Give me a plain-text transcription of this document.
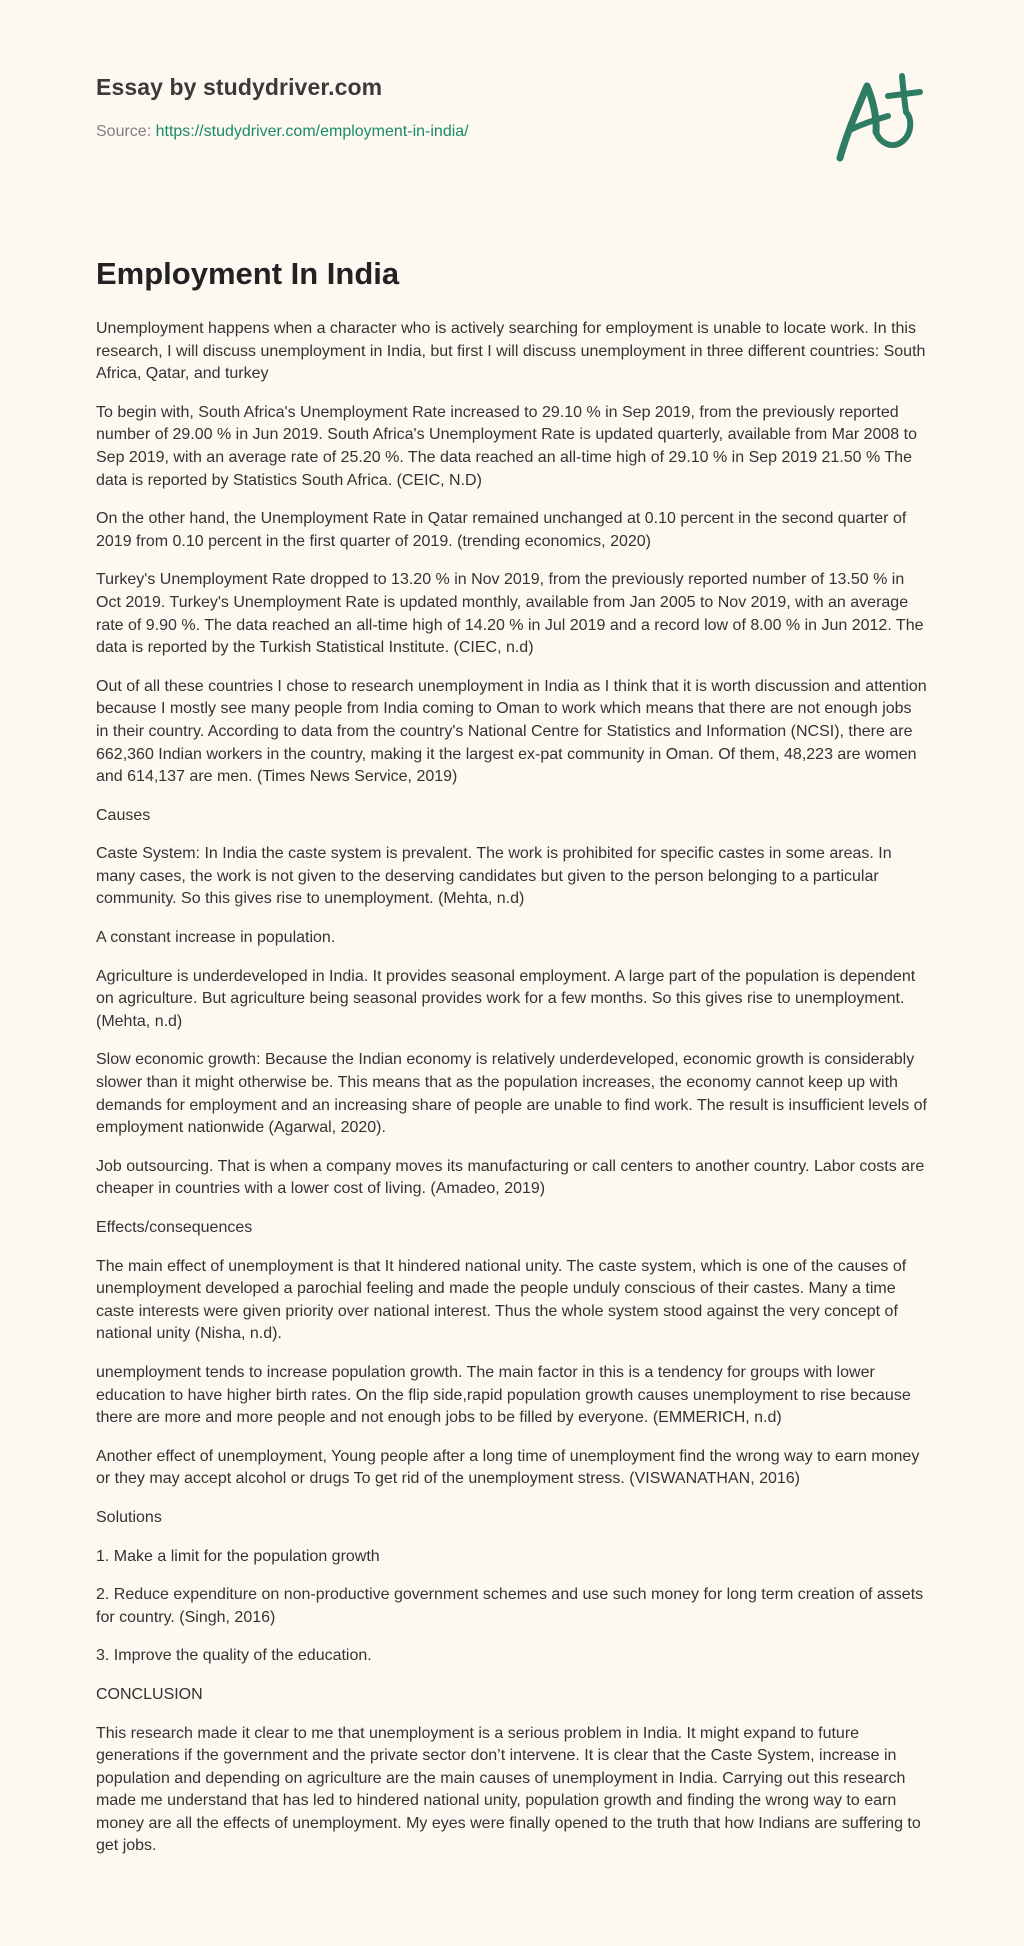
Essay by studydriver.com
Source: https://studydriver.com/employment-in-india/
Employment In India

Unemployment happens when a character who is actively searching for employment is unable to locate work. In this research, I will discuss unemployment in India, but first I will discuss unemployment in three different countries: South Africa, Qatar, and turkey

To begin with, South Africa's Unemployment Rate increased to 29.10 % in Sep 2019, from the previously reported number of 29.00 % in Jun 2019. South Africa's Unemployment Rate is updated quarterly, available from Mar 2008 to Sep 2019, with an average rate of 25.20 %. The data reached an all-time high of 29.10 % in Sep 2019 21.50 % The data is reported by Statistics South Africa. (CEIC, N.D)

On the other hand, the Unemployment Rate in Qatar remained unchanged at 0.10 percent in the second quarter of 2019 from 0.10 percent in the first quarter of 2019. (trending economics, 2020)

Turkey's Unemployment Rate dropped to 13.20 % in Nov 2019, from the previously reported number of 13.50 % in Oct 2019. Turkey's Unemployment Rate is updated monthly, available from Jan 2005 to Nov 2019, with an average rate of 9.90 %. The data reached an all-time high of 14.20 % in Jul 2019 and a record low of 8.00 % in Jun 2012. The data is reported by the Turkish Statistical Institute. (CIEC, n.d)

Out of all these countries I chose to research unemployment in India as I think that it is worth discussion and attention because I mostly see many people from India coming to Oman to work which means that there are not enough jobs in their country. According to data from the country's National Centre for Statistics and Information (NCSI), there are 662,360 Indian workers in the country, making it the largest ex-pat community in Oman. Of them, 48,223 are women and 614,137 are men. (Times News Service, 2019)

Causes

Caste System: In India the caste system is prevalent. The work is prohibited for specific castes in some areas. In many cases, the work is not given to the deserving candidates but given to the person belonging to a particular community. So this gives rise to unemployment. (Mehta, n.d)

A constant increase in population.

Agriculture is underdeveloped in India. It provides seasonal employment. A large part of the population is dependent on agriculture. But agriculture being seasonal provides work for a few months. So this gives rise to unemployment. (Mehta, n.d)

Slow economic growth: Because the Indian economy is relatively underdeveloped, economic growth is considerably slower than it might otherwise be. This means that as the population increases, the economy cannot keep up with demands for employment and an increasing share of people are unable to find work. The result is insufficient levels of employment nationwide (Agarwal, 2020).

Job outsourcing. That is when a company moves its manufacturing or call centers to another country. Labor costs are cheaper in countries with a lower cost of living. (Amadeo, 2019)

Effects/consequences

The main effect of unemployment is that It hindered national unity. The caste system, which is one of the causes of unemployment developed a parochial feeling and made the people unduly conscious of their castes. Many a time caste interests were given priority over national interest. Thus the whole system stood against the very concept of national unity (Nisha, n.d).

unemployment tends to increase population growth. The main factor in this is a tendency for groups with lower education to have higher birth rates. On the flip side,rapid population growth causes unemployment to rise because there are more and more people and not enough jobs to be filled by everyone. (EMMERICH, n.d)

Another effect of unemployment, Young people after a long time of unemployment find the wrong way to earn money or they may accept alcohol or drugs To get rid of the unemployment stress. (VISWANATHAN, 2016)

Solutions

1. Make a limit for the population growth

2. Reduce expenditure on non-productive government schemes and use such money for long term creation of assets for country. (Singh, 2016)

3. Improve the quality of the education.

CONCLUSION

This research made it clear to me that unemployment is a serious problem in India. It might expand to future generations if the government and the private sector don’t intervene. It is clear that the Caste System, increase in population and depending on agriculture are the main causes of unemployment in India. Carrying out this research made me understand that has led to hindered national unity, population growth and finding the wrong way to earn money are all the effects of unemployment. My eyes were finally opened to the truth that how Indians are suffering to get jobs.
